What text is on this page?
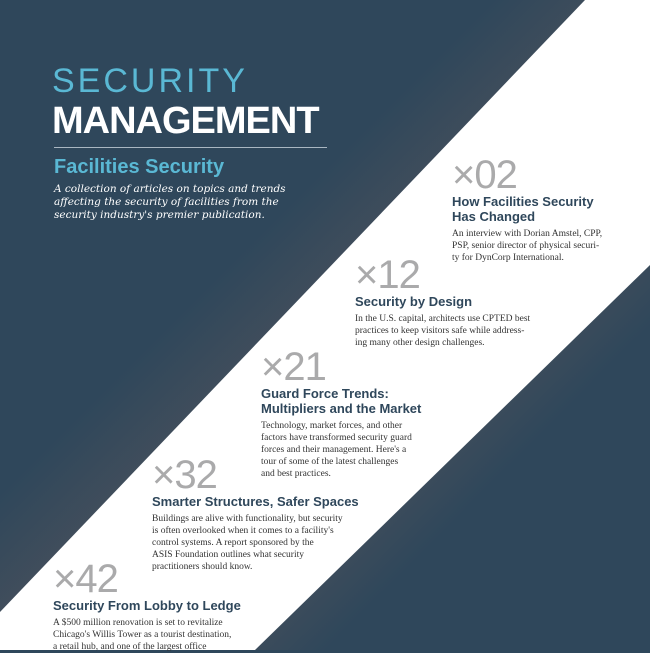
SECURITY
MANAGEMENT
Facilities Security
A collection of articles on topics and trends
affecting the security of facilities from the
security industry's premier publication.
×02
How Facilities Security
Has Changed
An interview with Dorian Amstel, CPP,
PSP, senior director of physical securi-
ty for DynCorp International.
×12
Security by Design
In the U.S. capital, architects use CPTED best
practices to keep visitors safe while address-
ing many other design challenges.
×21
Guard Force Trends:
Multipliers and the Market
Technology, market forces, and other
factors have transformed security guard
forces and their management. Here's a
tour of some of the latest challenges
and best practices.
×32
Smarter Structures, Safer Spaces
Buildings are alive with functionality, but security
is often overlooked when it comes to a facility's
control systems. A report sponsored by the
ASIS Foundation outlines what security
practitioners should know.
×42
Security From Lobby to Ledge
A $500 million renovation is set to revitalize
Chicago's Willis Tower as a tourist destination,
a retail hub, and one of the largest office
